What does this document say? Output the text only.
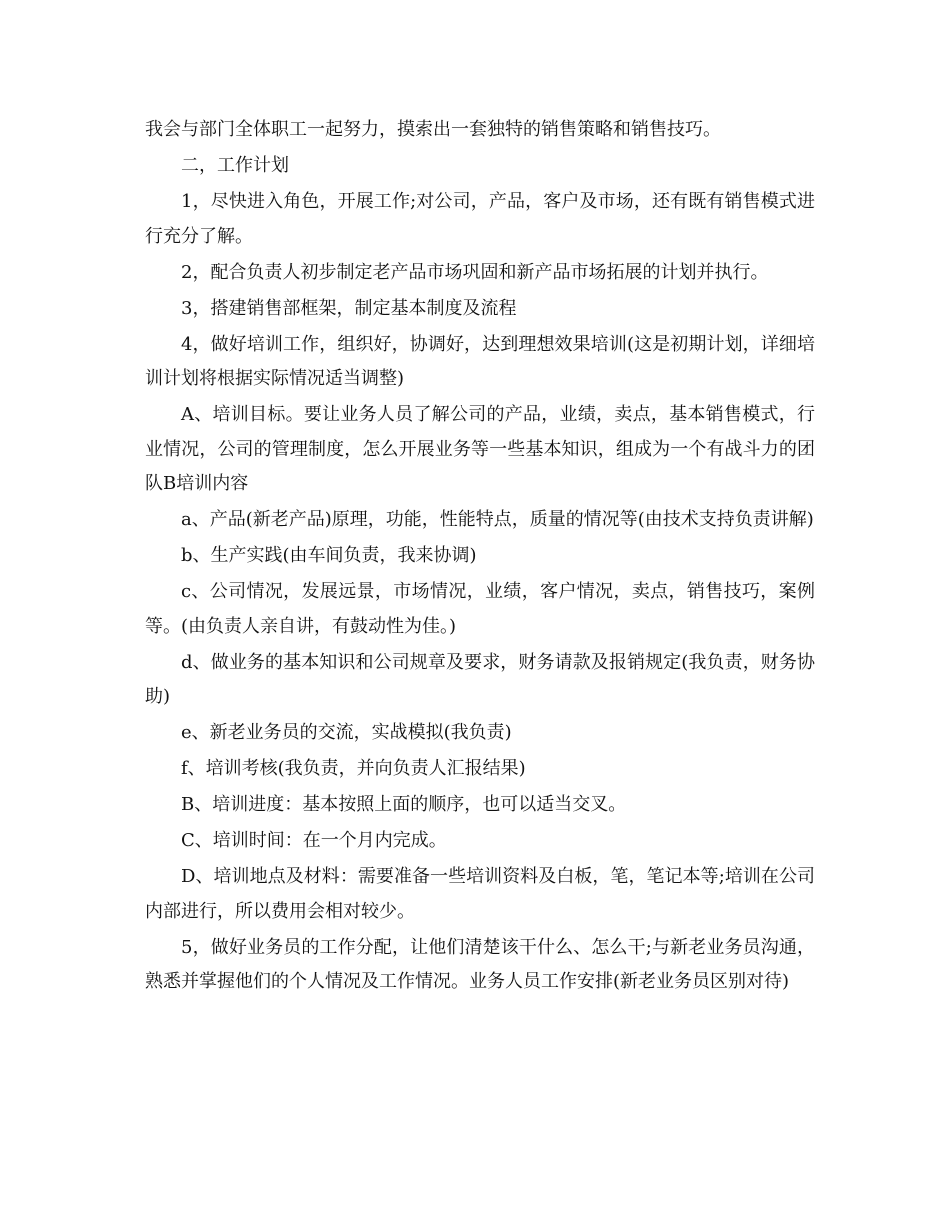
我会与部门全体职工一起努力，摸索出一套独特的销售策略和销售技巧。

二，工作计划

1，尽快进入角色，开展工作;对公司，产品，客户及市场，还有既有销售模式进行充分了解。

2，配合负责人初步制定老产品市场巩固和新产品市场拓展的计划并执行。

3，搭建销售部框架，制定基本制度及流程

4，做好培训工作，组织好，协调好，达到理想效果培训(这是初期计划，详细培训计划将根据实际情况适当调整)

A、培训目标。要让业务人员了解公司的产品，业绩，卖点，基本销售模式，行业情况，公司的管理制度，怎么开展业务等一些基本知识，组成为一个有战斗力的团队B培训内容

a、产品(新老产品)原理，功能，性能特点，质量的情况等(由技术支持负责讲解)

b、生产实践(由车间负责，我来协调)

c、公司情况，发展远景，市场情况，业绩，客户情况，卖点，销售技巧，案例等。(由负责人亲自讲，有鼓动性为佳。)

d、做业务的基本知识和公司规章及要求，财务请款及报销规定(我负责，财务协助)

e、新老业务员的交流，实战模拟(我负责)

f、培训考核(我负责，并向负责人汇报结果)

B、培训进度：基本按照上面的顺序，也可以适当交叉。

C、培训时间：在一个月内完成。

D、培训地点及材料：需要准备一些培训资料及白板，笔，笔记本等;培训在公司内部进行，所以费用会相对较少。

5，做好业务员的工作分配，让他们清楚该干什么、怎么干;与新老业务员沟通，熟悉并掌握他们的个人情况及工作情况。业务人员工作安排(新老业务员区别对待)
